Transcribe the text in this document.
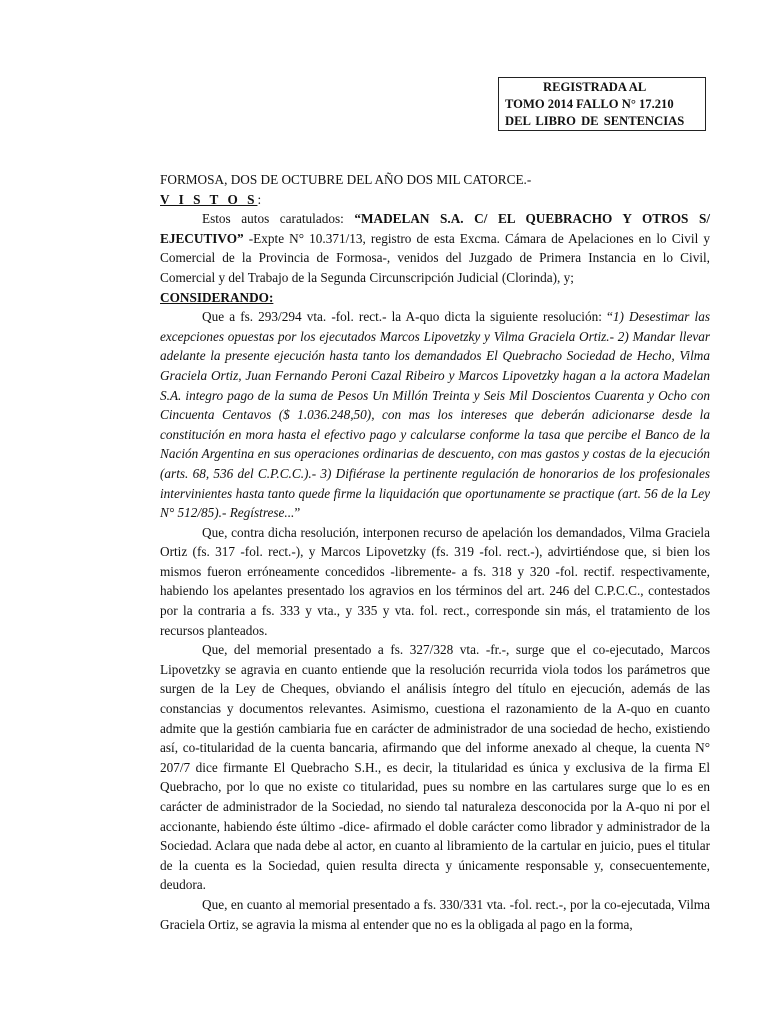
REGISTRADA AL
TOMO 2014 FALLO N° 17.210
DEL LIBRO DE SENTENCIAS

FORMOSA, DOS DE OCTUBRE DEL AÑO DOS MIL CATORCE.-

V I S T O S:

Estos autos caratulados: “MADELAN S.A. C/ EL QUEBRACHO Y OTROS S/ EJECUTIVO” -Expte N° 10.371/13, registro de esta Excma. Cámara de Apelaciones en lo Civil y Comercial de la Provincia de Formosa-, venidos del Juzgado de Primera Instancia en lo Civil, Comercial y del Trabajo de la Segunda Circunscripción Judicial (Clorinda), y;

CONSIDERANDO:

Que a fs. 293/294 vta. -fol. rect.- la A-quo dicta la siguiente resolución: “1) Desestimar las excepciones opuestas por los ejecutados Marcos Lipovetzky y Vilma Graciela Ortiz.- 2) Mandar llevar adelante la presente ejecución hasta tanto los demandados El Quebracho Sociedad de Hecho, Vilma Graciela Ortiz, Juan Fernando Peroni Cazal Ribeiro y Marcos Lipovetzky hagan a la actora Madelan S.A. integro pago de la suma de Pesos Un Millón Treinta y Seis Mil Doscientos Cuarenta y Ocho con Cincuenta Centavos ($ 1.036.248,50), con mas los intereses que deberán adicionarse desde la constitución en mora hasta el efectivo pago y calcularse conforme la tasa que percibe el Banco de la Nación Argentina en sus operaciones ordinarias de descuento, con mas gastos y costas de la ejecución (arts. 68, 536 del C.P.C.C.).- 3) Difiérase la pertinente regulación de honorarios de los profesionales intervinientes hasta tanto quede firme la liquidación que oportunamente se practique (art. 56 de la Ley N° 512/85).- Regístrese...”

Que, contra dicha resolución, interponen recurso de apelación los demandados, Vilma Graciela Ortiz (fs. 317 -fol. rect.-), y Marcos Lipovetzky (fs. 319 -fol. rect.-), advirtiéndose que, si bien los mismos fueron erróneamente concedidos -libremente- a fs. 318 y 320 -fol. rectif. respectivamente, habiendo los apelantes presentado los agravios en los términos del art. 246 del C.P.C.C., contestados por la contraria a fs. 333 y vta., y 335 y vta. fol. rect., corresponde sin más, el tratamiento de los recursos planteados.

Que, del memorial presentado a fs. 327/328 vta. -fr.-, surge que el co-ejecutado, Marcos Lipovetzky se agravia en cuanto entiende que la resolución recurrida viola todos los parámetros que surgen de la Ley de Cheques, obviando el análisis íntegro del título en ejecución, además de las constancias y documentos relevantes. Asimismo, cuestiona el razonamiento de la A-quo en cuanto admite que la gestión cambiaria fue en carácter de administrador de una sociedad de hecho, existiendo así, co-titularidad de la cuenta bancaria, afirmando que del informe anexado al cheque, la cuenta N° 207/7 dice firmante El Quebracho S.H., es decir, la titularidad es única y exclusiva de la firma El Quebracho, por lo que no existe co titularidad, pues su nombre en las cartulares surge que lo es en carácter de administrador de la Sociedad, no siendo tal naturaleza desconocida por la A-quo ni por el accionante, habiendo éste último -dice- afirmado el doble carácter como librador y administrador de la Sociedad. Aclara que nada debe al actor, en cuanto al libramiento de la cartular en juicio, pues el titular de la cuenta es la Sociedad, quien resulta directa y únicamente responsable y, consecuentemente, deudora.

Que, en cuanto al memorial presentado a fs. 330/331 vta. -fol. rect.-, por la co-ejecutada, Vilma Graciela Ortiz, se agravia la misma al entender que no es la obligada al pago en la forma,
